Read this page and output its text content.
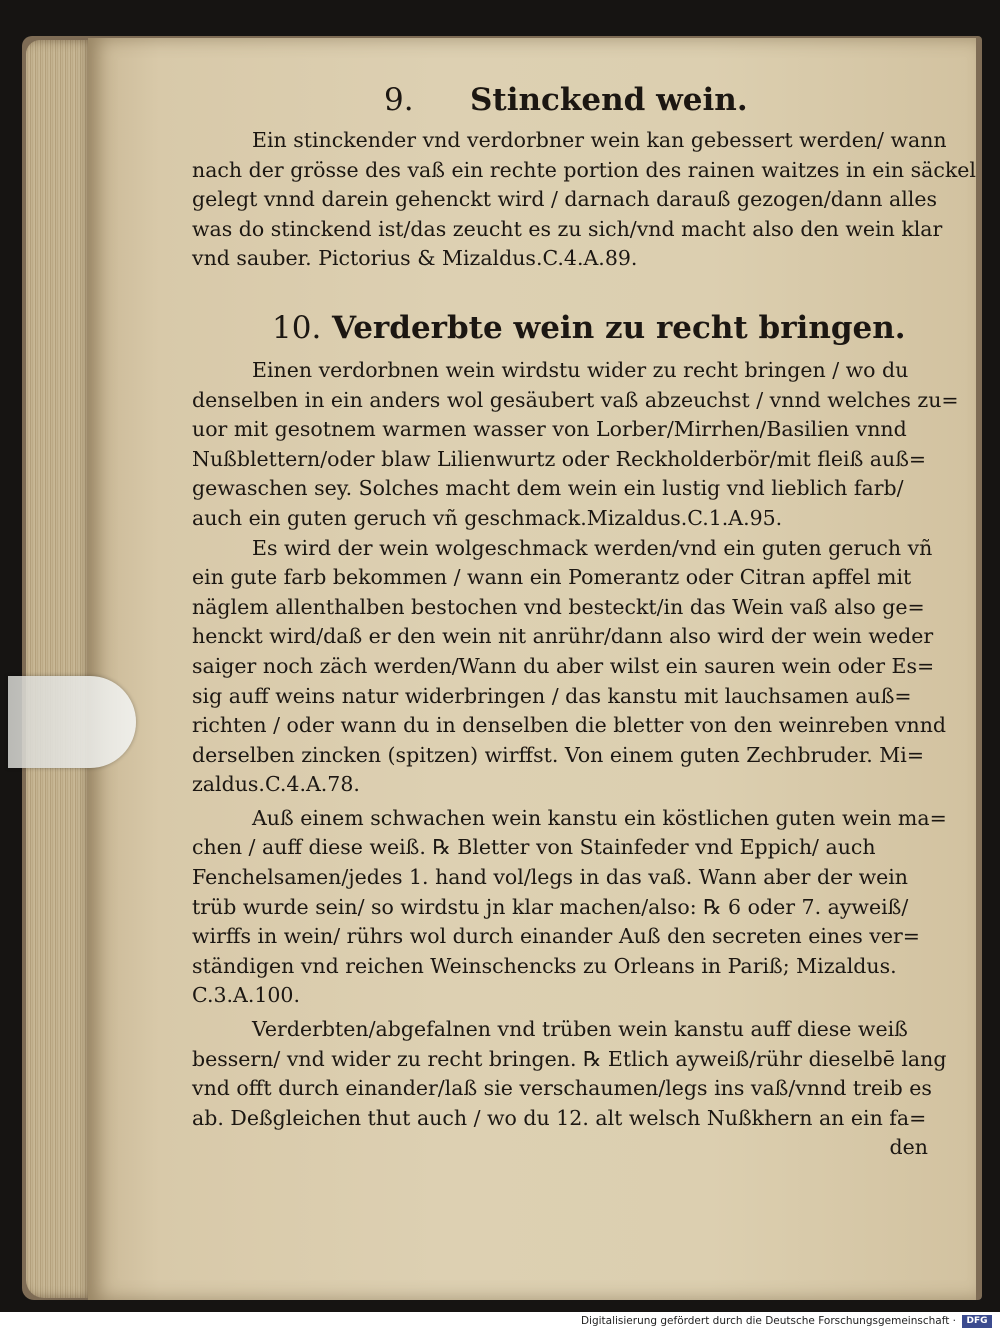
9. Stinckend wein.
Ein stinckender vnd verdorbner wein kan gebessert werden/ wann
nach der grösse des vaß ein rechte portion des rainen waitzes in ein säckel
gelegt vnnd darein gehenckt wird / darnach darauß gezogen/dann alles
was do stinckend ist/das zeucht es zu sich/vnd macht also den wein klar
vnd sauber. Pictorius & Mizaldus.C.4.A.89.
10. Verderbte wein zu recht bringen.
Einen verdorbnen wein wirdstu wider zu recht bringen / wo du
denselben in ein anders wol gesäubert vaß abzeuchst / vnnd welches zu=
uor mit gesotnem warmen wasser von Lorber/Mirrhen/Basilien vnnd
Nußblettern/oder blaw Lilienwurtz oder Reckholderbör/mit fleiß auß=
gewaschen sey. Solches macht dem wein ein lustig vnd lieblich farb/
auch ein guten geruch vñ geschmack.Mizaldus.C.1.A.95.
Es wird der wein wolgeschmack werden/vnd ein guten geruch vñ
ein gute farb bekommen / wann ein Pomerantz oder Citran apffel mit
näglem allenthalben bestochen vnd besteckt/in das Wein vaß also ge=
henckt wird/daß er den wein nit anrühr/dann also wird der wein weder
saiger noch zäch werden/Wann du aber wilst ein sauren wein oder Es=
sig auff weins natur widerbringen / das kanstu mit lauchsamen auß=
richten / oder wann du in denselben die bletter von den weinreben vnnd
derselben zincken (spitzen) wirffst. Von einem guten Zechbruder. Mi=
zaldus.C.4.A.78.
Auß einem schwachen wein kanstu ein köstlichen guten wein ma=
chen / auff diese weiß. ℞ Bletter von Stainfeder vnd Eppich/ auch
Fenchelsamen/jedes 1. hand vol/legs in das vaß. Wann aber der wein
trüb wurde sein/ so wirdstu jn klar machen/also: ℞ 6 oder 7. ayweiß/
wirffs in wein/ rührs wol durch einander Auß den secreten eines ver=
ständigen vnd reichen Weinschencks zu Orleans in Pariß; Mizaldus.
C.3.A.100.
Verderbten/abgefalnen vnd trüben wein kanstu auff diese weiß
bessern/ vnd wider zu recht bringen. ℞ Etlich ayweiß/rühr dieselbē lang
vnd offt durch einander/laß sie verschaumen/legs ins vaß/vnnd treib es
ab. Deßgleichen thut auch / wo du 12. alt welsch Nußkhern an ein fa=
den
Digitalisierung gefördert durch die Deutsche Forschungsgemeinschaft ·	DFG
